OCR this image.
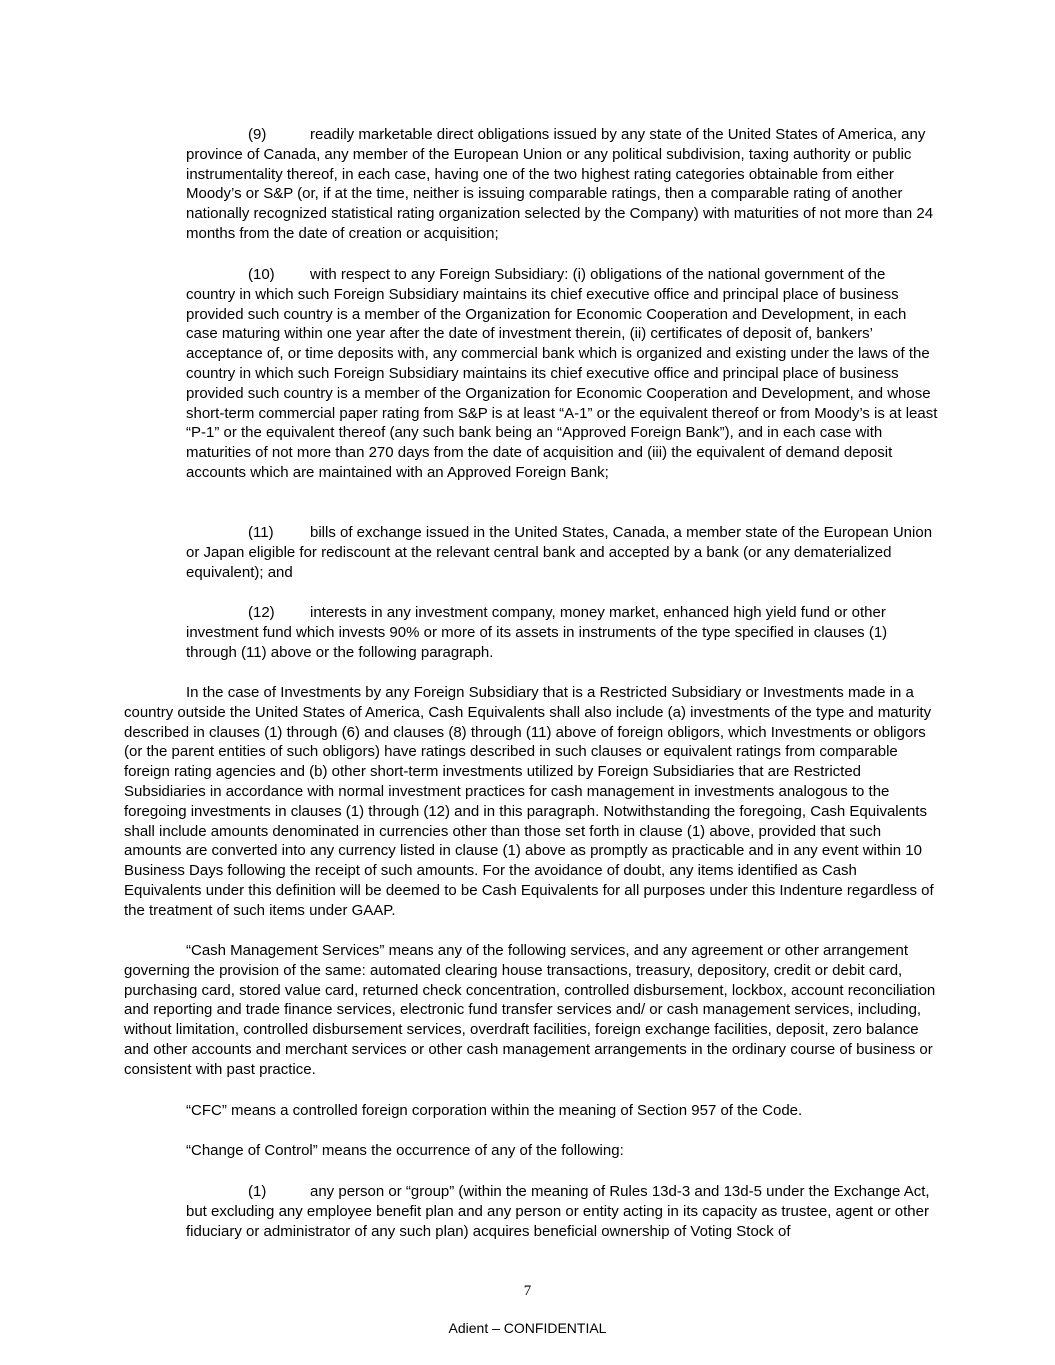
(9)	readily marketable direct obligations issued by any state of the United States of America, any province of Canada, any member of the European Union or any political subdivision, taxing authority or public instrumentality thereof, in each case, having one of the two highest rating categories obtainable from either Moody’s or S&P (or, if at the time, neither is issuing comparable ratings, then a comparable rating of another nationally recognized statistical rating organization selected by the Company) with maturities of not more than 24 months from the date of creation or acquisition;

(10) with respect to any Foreign Subsidiary: (i) obligations of the national government of the country in which such Foreign Subsidiary maintains its chief executive office and principal place of business provided such country is a member of the Organization for Economic Cooperation and Development, in each case maturing within one year after the date of investment therein, (ii) certificates of deposit of, bankers’ acceptance of, or time deposits with, any commercial bank which is organized and existing under the laws of the country in which such Foreign Subsidiary maintains its chief executive office and principal place of business provided such country is a member of the Organization for Economic Cooperation and Development, and whose short-term commercial paper rating from S&P is at least “A-1” or the equivalent thereof or from Moody’s is at least “P-1” or the equivalent thereof (any such bank being an “Approved Foreign Bank”), and in each case with maturities of not more than 270 days from the date of acquisition and (iii) the equivalent of demand deposit accounts which are maintained with an Approved Foreign Bank;

(11) bills of exchange issued in the United States, Canada, a member state of the European Union or Japan eligible for rediscount at the relevant central bank and accepted by a bank (or any dematerialized equivalent); and

(12) interests in any investment company, money market, enhanced high yield fund or other investment fund which invests 90% or more of its assets in instruments of the type specified in clauses (1) through (11) above or the following paragraph.

In the case of Investments by any Foreign Subsidiary that is a Restricted Subsidiary or Investments made in a country outside the United States of America, Cash Equivalents shall also include (a) investments of the type and maturity described in clauses (1) through (6) and clauses (8) through (11) above of foreign obligors, which Investments or obligors (or the parent entities of such obligors) have ratings described in such clauses or equivalent ratings from comparable foreign rating agencies and (b) other short-term investments utilized by Foreign Subsidiaries that are Restricted Subsidiaries in accordance with normal investment practices for cash management in investments analogous to the foregoing investments in clauses (1) through (12) and in this paragraph. Notwithstanding the foregoing, Cash Equivalents shall include amounts denominated in currencies other than those set forth in clause (1) above, provided that such amounts are converted into any currency listed in clause (1) above as promptly as practicable and in any event within 10 Business Days following the receipt of such amounts. For the avoidance of doubt, any items identified as Cash Equivalents under this definition will be deemed to be Cash Equivalents for all purposes under this Indenture regardless of the treatment of such items under GAAP.

“Cash Management Services” means any of the following services, and any agreement or other arrangement governing the provision of the same: automated clearing house transactions, treasury, depository, credit or debit card, purchasing card, stored value card, returned check concentration, controlled disbursement, lockbox, account reconciliation and reporting and trade finance services, electronic fund transfer services and/ or cash management services, including, without limitation, controlled disbursement services, overdraft facilities, foreign exchange facilities, deposit, zero balance and other accounts and merchant services or other cash management arrangements in the ordinary course of business or consistent with past practice.

“CFC” means a controlled foreign corporation within the meaning of Section 957 of the Code.

“Change of Control” means the occurrence of any of the following:

(1)	any person or “group” (within the meaning of Rules 13d-3 and 13d-5 under the Exchange Act, but excluding any employee benefit plan and any person or entity acting in its capacity as trustee, agent or other fiduciary or administrator of any such plan) acquires beneficial ownership of Voting Stock of

7
Adient – CONFIDENTIAL
